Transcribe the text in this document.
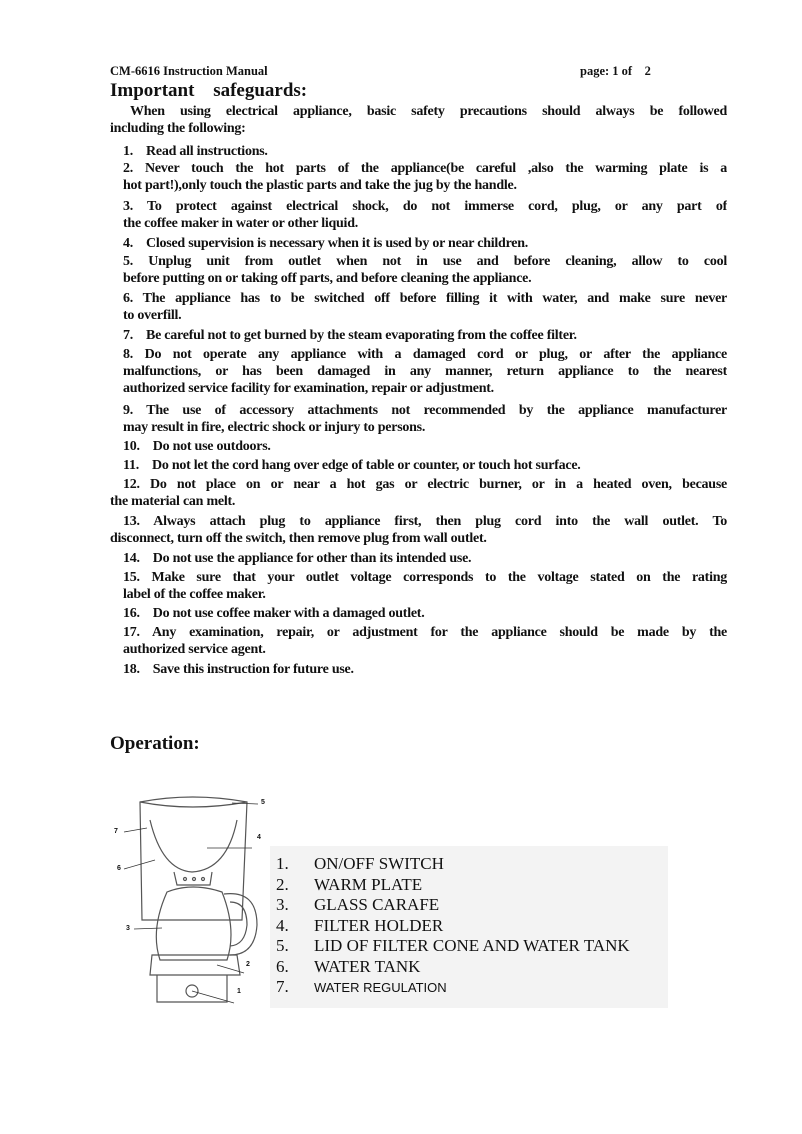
CM-6616 Instruction Manual	page: 1 of    2
Important safeguards:
When using electrical appliance, basic safety precautions should always be followed
including the following:
1.    Read all instructions.
2. Never touch the hot parts of the appliance(be careful ,also the warming plate is a
hot part!),only touch the plastic parts and take the jug by the handle.
3. To protect against electrical shock, do not immerse cord, plug, or any part of
the coffee maker in water or other liquid.
4.    Closed supervision is necessary when it is used by or near children.
5. Unplug unit from outlet when not in use and before cleaning, allow to cool
before putting on or taking off parts, and before cleaning the appliance.
6. The appliance has to be switched off before filling it with water, and make sure never
to overfill.
7.    Be careful not to get burned by the steam evaporating from the coffee filter.
8. Do not operate any appliance with a damaged cord or plug, or after the appliance
malfunctions, or has been damaged in any manner, return appliance to the nearest
authorized service facility for examination, repair or adjustment.
9. The use of accessory attachments not recommended by the appliance manufacturer
may result in fire, electric shock or injury to persons.
10.    Do not use outdoors.
11.    Do not let the cord hang over edge of table or counter, or touch hot surface.
12. Do not place on or near a hot gas or electric burner, or in a heated oven, because
the material can melt.
13. Always attach plug to appliance first, then plug cord into the wall outlet. To
disconnect, turn off the switch, then remove plug from wall outlet.
14.    Do not use the appliance for other than its intended use.
15. Make sure that your outlet voltage corresponds to the voltage stated on the rating
label of the coffee maker.
16.    Do not use coffee maker with a damaged outlet.
17. Any examination, repair, or adjustment for the appliance should be made by the
authorized service agent.
18.    Save this instruction for future use.
Operation:
1
2
3
4
5
6
7
1. ON/OFF SWITCH
2. WARM PLATE
3. GLASS CARAFE
4. FILTER HOLDER
5. LID OF FILTER CONE AND WATER TANK
6. WATER TANK
7. WATER REGULATION
